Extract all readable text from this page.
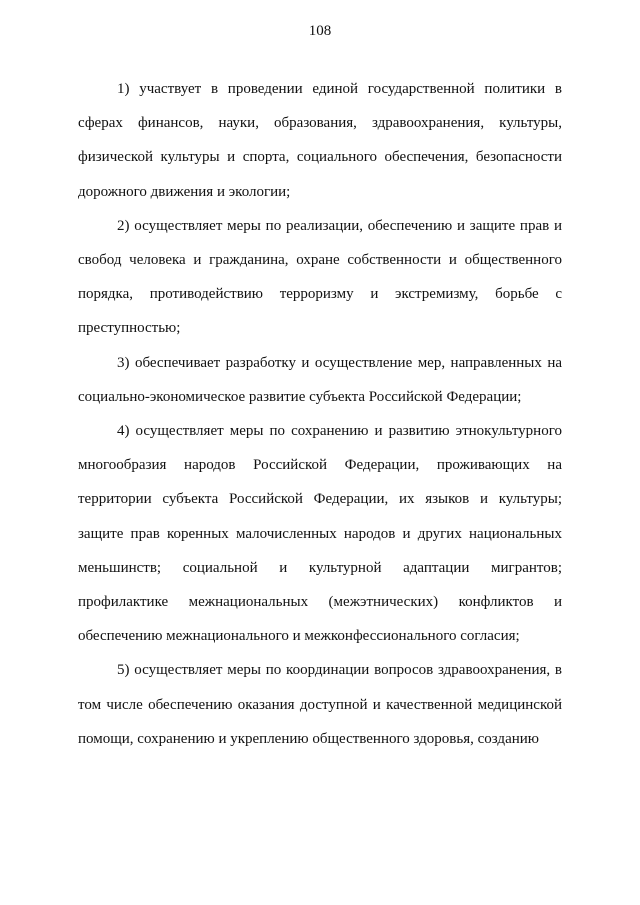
108

1) участвует в проведении единой государственной политики в сферах финансов, науки, образования, здравоохранения, культуры, физической культуры и спорта, социального обеспечения, безопасности дорожного движения и экологии;

2) осуществляет меры по реализации, обеспечению и защите прав и свобод человека и гражданина, охране собственности и общественного порядка, противодействию терроризму и экстремизму, борьбе с преступностью;

3) обеспечивает разработку и осуществление мер, направленных на социально-экономическое развитие субъекта Российской Федерации;

4) осуществляет меры по сохранению и развитию этнокультурного многообразия народов Российской Федерации, проживающих на территории субъекта Российской Федерации, их языков и культуры; защите прав коренных малочисленных народов и других национальных меньшинств; социальной и культурной адаптации мигрантов; профилактике межнациональных (межэтнических) конфликтов и обеспечению межнационального и межконфессионального согласия;

5) осуществляет меры по координации вопросов здравоохранения, в том числе обеспечению оказания доступной и качественной медицинской помощи, сохранению и укреплению общественного здоровья, созданию
